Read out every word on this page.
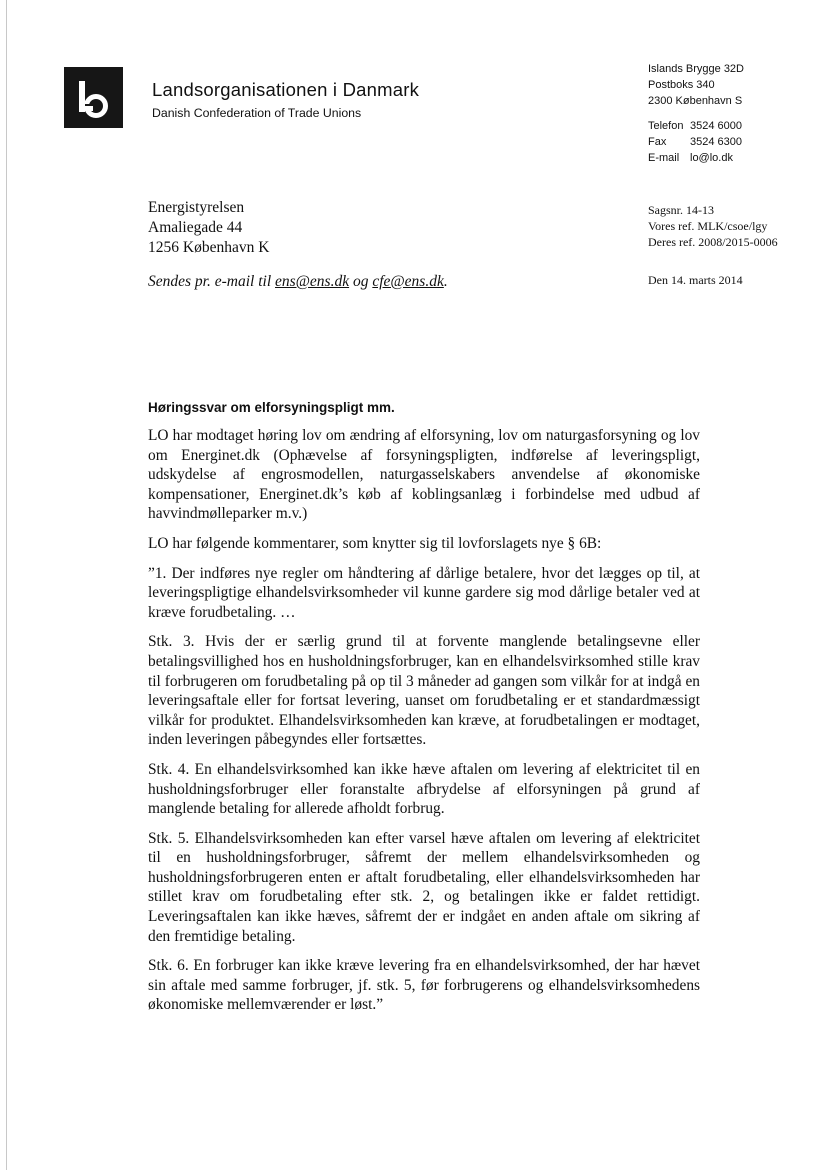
Landsorganisationen i Danmark
Danish Confederation of Trade Unions
Islands Brygge 32D
Postboks 340
2300 København S
Telefon 3524 6000
Fax	3524 6300
E-mail lo@lo.dk
Energistyrelsen
Amaliegade 44
1256 København K
Sagsnr. 14-13
Vores ref. MLK/csoe/lgy
Deres ref. 2008/2015-0006
Sendes pr. e-mail til ens@ens.dk og cfe@ens.dk.	Den 14. marts 2014
Høringssvar om elforsyningspligt mm.

LO har modtaget høring lov om ændring af elforsyning, lov om naturgasforsyning og lov om Energinet.dk (Ophævelse af forsyningspligten, indførelse af leveringspligt, udskydelse af engrosmodellen, naturgasselskabers anvendelse af økonomiske kompensationer, Energinet.dk’s køb af koblingsanlæg i forbindelse med udbud af havvindmølleparker m.v.)

LO har følgende kommentarer, som knytter sig til lovforslagets nye § 6B:

”1. Der indføres nye regler om håndtering af dårlige betalere, hvor det lægges op til, at leveringspligtige elhandelsvirksomheder vil kunne gardere sig mod dårlige betaler ved at kræve forudbetaling. …

Stk. 3. Hvis der er særlig grund til at forvente manglende betalingsevne eller betalingsvillighed hos en husholdningsforbruger, kan en elhandelsvirksomhed stille krav til forbrugeren om forudbetaling på op til 3 måneder ad gangen som vilkår for at indgå en leveringsaftale eller for fortsat levering, uanset om forudbetaling er et standardmæssigt vilkår for produktet. Elhandelsvirksomheden kan kræve, at forudbetalingen er modtaget, inden leveringen påbegyndes eller fortsættes.

Stk. 4. En elhandelsvirksomhed kan ikke hæve aftalen om levering af elektricitet til en husholdningsforbruger eller foranstalte afbrydelse af elforsyningen på grund af manglende betaling for allerede afholdt forbrug.

Stk. 5. Elhandelsvirksomheden kan efter varsel hæve aftalen om levering af elektricitet til en husholdningsforbruger, såfremt der mellem elhandelsvirksomheden og husholdningsforbrugeren enten er aftalt forudbetaling, eller elhandelsvirksomheden har stillet krav om forudbetaling efter stk. 2, og betalingen ikke er faldet rettidigt. Leveringsaftalen kan ikke hæves, såfremt der er indgået en anden aftale om sikring af den fremtidige betaling.

Stk. 6. En forbruger kan ikke kræve levering fra en elhandelsvirksomhed, der har hævet sin aftale med samme forbruger, jf. stk. 5, før forbrugerens og elhandelsvirksomhedens økonomiske mellemværender er løst.”
